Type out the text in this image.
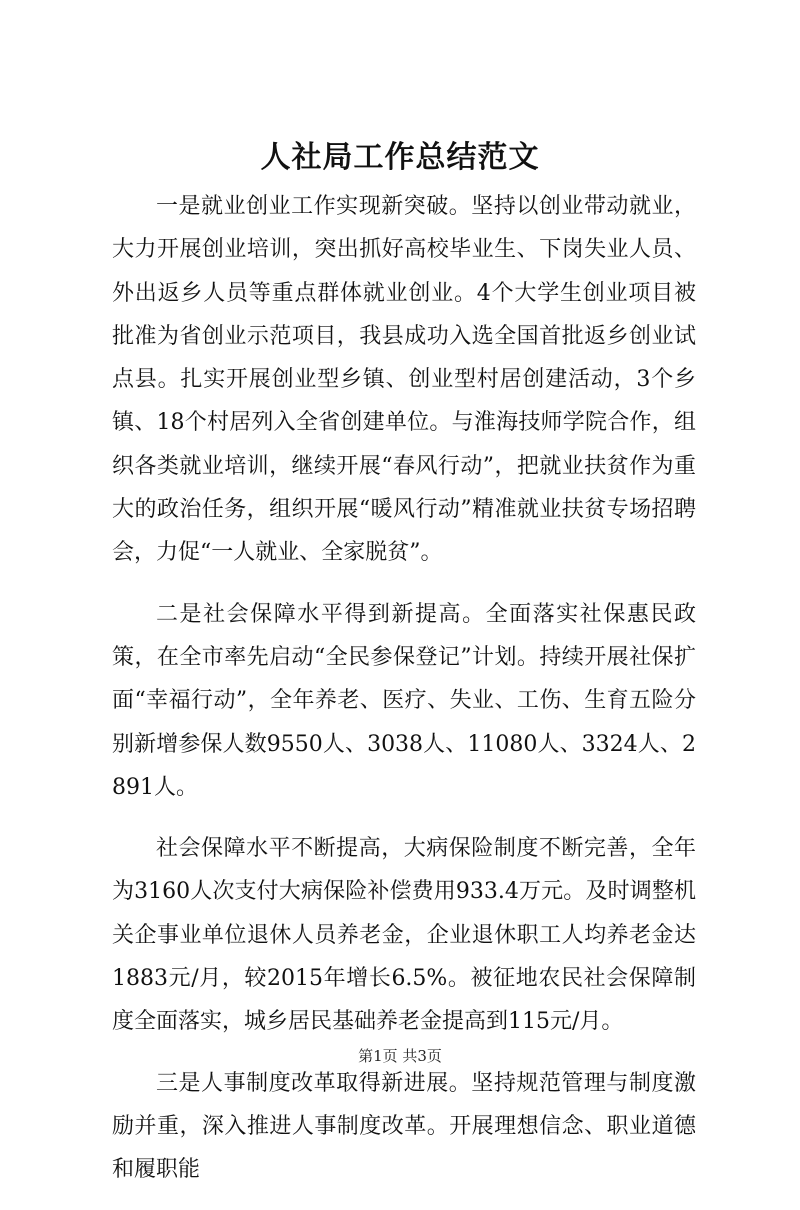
人社局工作总结范文

一是就业创业工作实现新突破。坚持以创业带动就业，大力开展创业培训，突出抓好高校毕业生、下岗失业人员、外出返乡人员等重点群体就业创业。4个大学生创业项目被批准为省创业示范项目，我县成功入选全国首批返乡创业试点县。扎实开展创业型乡镇、创业型村居创建活动，3个乡镇、18个村居列入全省创建单位。与淮海技师学院合作，组织各类就业培训，继续开展“春风行动”，把就业扶贫作为重大的政治任务，组织开展“暖风行动”精准就业扶贫专场招聘会，力促“一人就业、全家脱贫”。

二是社会保障水平得到新提高。全面落实社保惠民政策，在全市率先启动“全民参保登记”计划。持续开展社保扩面“幸福行动”，全年养老、医疗、失业、工伤、生育五险分别新增参保人数9550人、3038人、11080人、3324人、2891人。

社会保障水平不断提高，大病保险制度不断完善，全年为3160人次支付大病保险补偿费用933.4万元。及时调整机关企事业单位退休人员养老金，企业退休职工人均养老金达1883元/月，较2015年增长6.5%。被征地农民社会保障制度全面落实，城乡居民基础养老金提高到115元/月。

三是人事制度改革取得新进展。坚持规范管理与制度激励并重，深入推进人事制度改革。开展理想信念、职业道德和履职能

第1页 共3页
